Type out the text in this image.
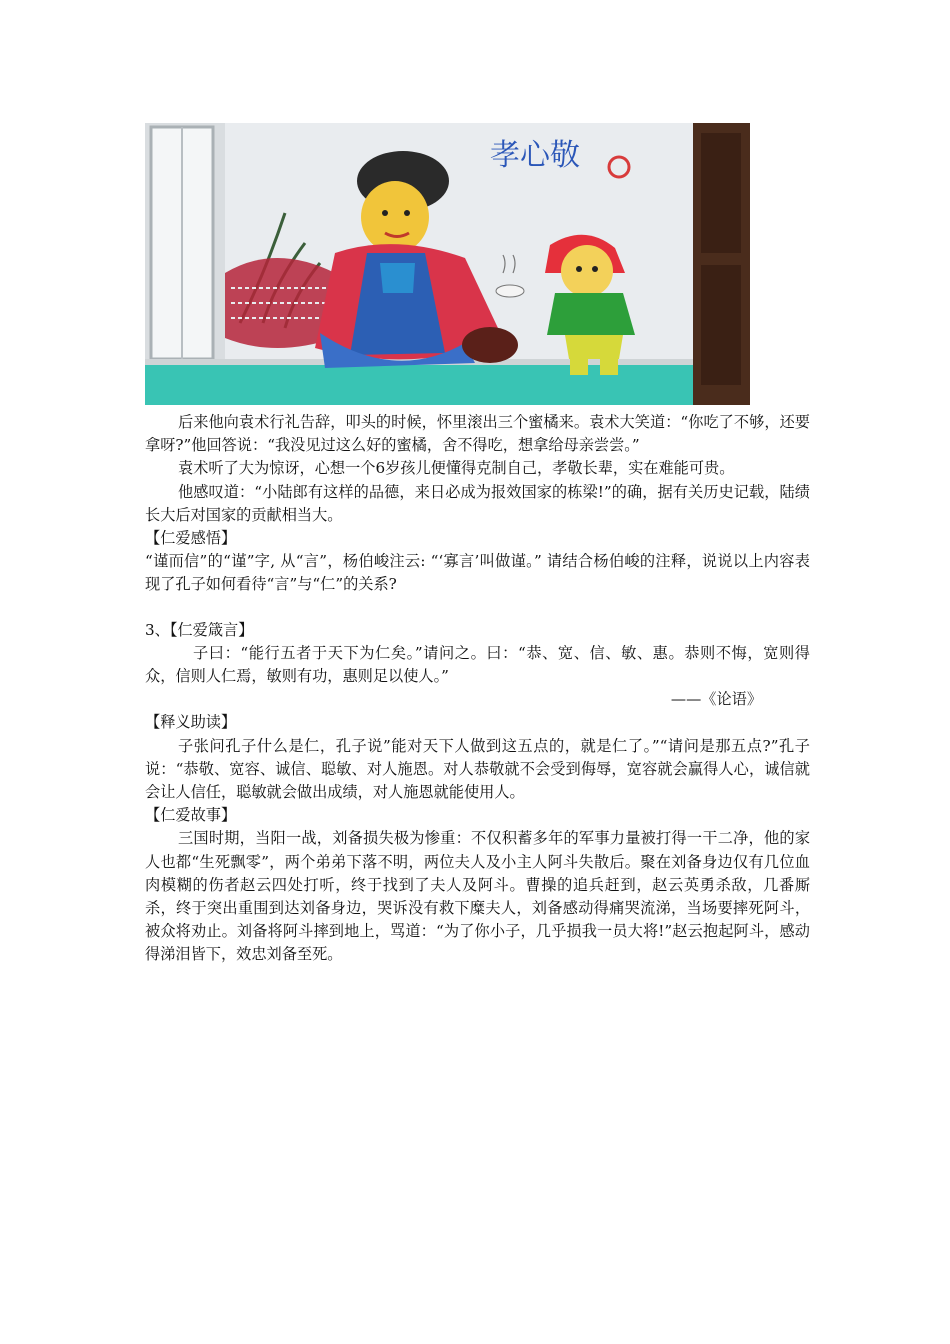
孝心敬

后来他向袁术行礼告辞，叩头的时候，怀里滚出三个蜜橘来。袁术大笑道：“你吃了不够，还要拿呀?”他回答说：“我没见过这么好的蜜橘，舍不得吃，想拿给母亲尝尝。”

袁术听了大为惊讶，心想一个6岁孩儿便懂得克制自己，孝敬长辈，实在难能可贵。

他感叹道：“小陆郎有这样的品德，来日必成为报效国家的栋梁!”的确，据有关历史记载，陆绩长大后对国家的贡献相当大。

【仁爱感悟】

“谨而信”的“谨”字, 从“言”，杨伯峻注云: “‘寡言’叫做谨。” 请结合杨伯峻的注释，说说以上内容表现了孔子如何看待“言”与“仁”的关系?

3、【仁爱箴言】

子曰：“能行五者于天下为仁矣。”请问之。曰：“恭、宽、信、敏、惠。恭则不悔，宽则得众，信则人仁焉，敏则有功，惠则足以使人。”

——《论语》

【释义助读】

子张问孔子什么是仁，孔子说”能对天下人做到这五点的，就是仁了。”“请问是那五点?”孔子说：“恭敬、宽容、诚信、聪敏、对人施恩。对人恭敬就不会受到侮辱，宽容就会赢得人心，诚信就会让人信任，聪敏就会做出成绩，对人施恩就能使用人。

【仁爱故事】

三国时期，当阳一战，刘备损失极为惨重：不仅积蓄多年的军事力量被打得一干二净，他的家人也都“生死飘零”，两个弟弟下落不明，两位夫人及小主人阿斗失散后。聚在刘备身边仅有几位血肉模糊的伤者赵云四处打听，终于找到了夫人及阿斗。曹操的追兵赶到，赵云英勇杀敌，几番厮杀，终于突出重围到达刘备身边，哭诉没有救下糜夫人，刘备感动得痛哭流涕，当场要摔死阿斗，被众将劝止。刘备将阿斗摔到地上，骂道：“为了你小子，几乎损我一员大将!”赵云抱起阿斗，感动得涕泪皆下，效忠刘备至死。
